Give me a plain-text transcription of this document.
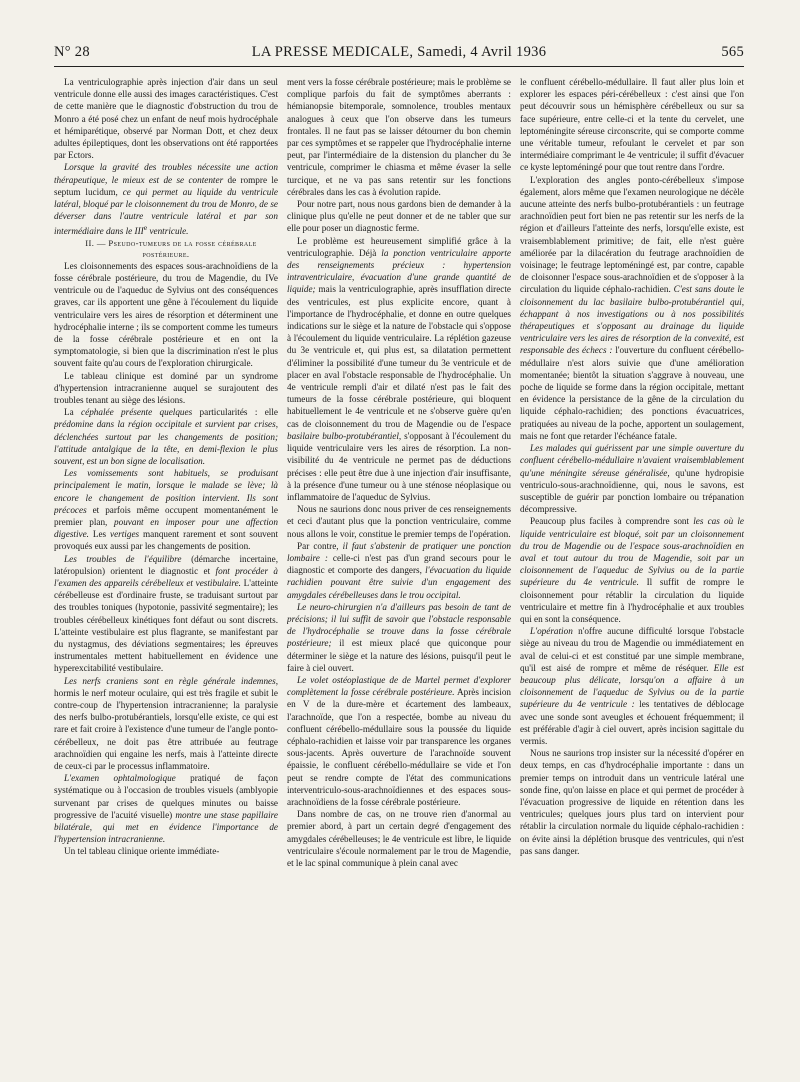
N° 28	LA PRESSE MEDICALE, Samedi, 4 Avril 1936	565

La ventriculographie après injection d'air dans un seul ventricule donne elle aussi des images caractéristiques. C'est de cette manière que le diagnostic d'obstruction du trou de Monro a été posé chez un enfant de neuf mois hydrocéphale et hémiparétique, observé par Norman Dott, et chez deux adultes épileptiques, dont les observations ont été rapportées par Ectors.

Lorsque la gravité des troubles nécessite une action thérapeutique, le mieux est de se contenter de rompre le septum lucidum, ce qui permet au liquide du ventricule latéral, bloqué par le cloisonnement du trou de Monro, de se déverser dans l'autre ventricule latéral et par son intermédiaire dans le IIIe ventricule.

II. — Pseudo-tumeurs de la fosse cérébrale postérieure.

Les cloisonnements des espaces sous-arachnoïdiens de la fosse cérébrale postérieure, du trou de Magendie, du IVe ventricule ou de l'aqueduc de Sylvius ont des conséquences graves, car ils apportent une gêne à l'écoulement du liquide ventriculaire vers les aires de résorption et déterminent une hydrocéphalie interne ; ils se comportent comme les tumeurs de la fosse cérébrale postérieure et en ont la symptomatologie, si bien que la discrimination n'est le plus souvent faite qu'au cours de l'exploration chirurgicale.

Le tableau clinique est dominé par un syndrome d'hypertension intracranienne auquel se surajoutent des troubles tenant au siège des lésions.

La céphalée présente quelques particularités : elle prédomine dans la région occipitale et survient par crises, déclenchées surtout par les changements de position; l'attitude antalgique de la tête, en demi-flexion le plus souvent, est un bon signe de localisation.

Les vomissements sont habituels, se produisant principalement le matin, lorsque le malade se lève; là encore le changement de position intervient. Ils sont précoces et parfois même occupent momentanément le premier plan, pouvant en imposer pour une affection digestive. Les vertiges manquent rarement et sont souvent provoqués eux aussi par les changements de position.

Les troubles de l'équilibre (démarche incertaine, latéropulsion) orientent le diagnostic et font procéder à l'examen des appareils cérébelleux et vestibulaire. L'atteinte cérébelleuse est d'ordinaire fruste, se traduisant surtout par des troubles toniques (hypotonie, passivité segmentaire); les troubles cérébelleux kinétiques font défaut ou sont discrets. L'atteinte vestibulaire est plus flagrante, se manifestant par du nystagmus, des déviations segmentaires; les épreuves instrumentales mettent habituellement en évidence une hyperexcitabilité vestibulaire.

Les nerfs craniens sont en règle générale indemnes, hormis le nerf moteur oculaire, qui est très fragile et subit le contre-coup de l'hypertension intracranienne; la paralysie des nerfs bulbo-protubérantiels, lorsqu'elle existe, ce qui est rare et fait croire à l'existence d'une tumeur de l'angle ponto-cérébelleux, ne doit pas être attribuée au feutrage arachnoïdien qui engaine les nerfs, mais à l'atteinte directe de ceux-ci par le processus inflammatoire.

L'examen ophtalmologique pratiqué de façon systématique ou à l'occasion de troubles visuels (amblyopie survenant par crises de quelques minutes ou baisse progressive de l'acuité visuelle) montre une stase papillaire bilatérale, qui met en évidence l'importance de l'hypertension intracranienne.

Un tel tableau clinique oriente immédiate-

ment vers la fosse cérébrale postérieure; mais le problème se complique parfois du fait de symptômes aberrants : hémianopsie bitemporale, somnolence, troubles mentaux analogues à ceux que l'on observe dans les tumeurs frontales. Il ne faut pas se laisser détourner du bon chemin par ces symptômes et se rappeler que l'hydrocéphalie interne peut, par l'intermédiaire de la distension du plancher du 3e ventricule, comprimer le chiasma et même évaser la selle turcique, et ne va pas sans retentir sur les fonctions cérébrales dans les cas à évolution rapide.

Pour notre part, nous nous gardons bien de demander à la clinique plus qu'elle ne peut donner et de ne tabler que sur elle pour poser un diagnostic ferme.

Le problème est heureusement simplifié grâce à la ventriculographie. Déjà la ponction ventriculaire apporte des renseignements précieux : hypertension intraventriculaire, évacuation d'une grande quantité de liquide; mais la ventriculographie, après insufflation directe des ventricules, est plus explicite encore, quant à l'importance de l'hydrocéphalie, et donne en outre quelques indications sur le siège et la nature de l'obstacle qui s'oppose à l'écoulement du liquide ventriculaire. La réplétion gazeuse du 3e ventricule et, qui plus est, sa dilatation permettent d'éliminer la possibilité d'une tumeur du 3e ventricule et de placer en aval l'obstacle responsable de l'hydrocéphalie. Un 4e ventricule rempli d'air et dilaté n'est pas le fait des tumeurs de la fosse cérébrale postérieure, qui bloquent habituellement le 4e ventricule et ne s'observe guère qu'en cas de cloisonnement du trou de Magendie ou de l'espace basilaire bulbo-protubérantiel, s'opposant à l'écoulement du liquide ventriculaire vers les aires de résorption. La non-visibilité du 4e ventricule ne permet pas de déductions précises : elle peut être due à une injection d'air insuffisante, à la présence d'une tumeur ou à une sténose néoplasique ou inflammatoire de l'aqueduc de Sylvius.

Nous ne saurions donc nous priver de ces renseignements et ceci d'autant plus que la ponction ventriculaire, comme nous allons le voir, constitue le premier temps de l'opération.

Par contre, il faut s'abstenir de pratiquer une ponction lombaire : celle-ci n'est pas d'un grand secours pour le diagnostic et comporte des dangers, l'évacuation du liquide rachidien pouvant être suivie d'un engagement des amygdales cérébelleuses dans le trou occipital.

Le neuro-chirurgien n'a d'ailleurs pas besoin de tant de précisions; il lui suffit de savoir que l'obstacle responsable de l'hydrocéphalie se trouve dans la fosse cérébrale postérieure; il est mieux placé que quiconque pour déterminer le siège et la nature des lésions, puisqu'il peut le faire à ciel ouvert.

Le volet ostéoplastique de de Martel permet d'explorer complètement la fosse cérébrale postérieure. Après incision en V de la dure-mère et écartement des lambeaux, l'arachnoïde, que l'on a respectée, bombe au niveau du confluent cérébello-médullaire sous la poussée du liquide céphalo-rachidien et laisse voir par transparence les organes sous-jacents. Après ouverture de l'arachnoïde souvent épaissie, le confluent cérébello-médullaire se vide et l'on peut se rendre compte de l'état des communications interventriculo-sous-arachnoïdiennes et des espaces sous-arachnoïdiens de la fosse cérébrale postérieure.

Dans nombre de cas, on ne trouve rien d'anormal au premier abord, à part un certain degré d'engagement des amygdales cérébelleuses; le 4e ventricule est libre, le liquide ventriculaire s'écoule normalement par le trou de Magendie, et le lac spinal communique à plein canal avec

le confluent cérébello-médullaire. Il faut aller plus loin et explorer les espaces péri-cérébelleux : c'est ainsi que l'on peut découvrir sous un hémisphère cérébelleux ou sur sa face supérieure, entre celle-ci et la tente du cervelet, une leptoméningite séreuse circonscrite, qui se comporte comme une véritable tumeur, refoulant le cervelet et par son intermédiaire comprimant le 4e ventricule; il suffit d'évacuer ce kyste leptoméningé pour que tout rentre dans l'ordre.

L'exploration des angles ponto-cérébelleux s'impose également, alors même que l'examen neurologique ne décèle aucune atteinte des nerfs bulbo-protubérantiels : un feutrage arachnoïdien peut fort bien ne pas retentir sur les nerfs de la région et d'ailleurs l'atteinte des nerfs, lorsqu'elle existe, est vraisemblablement primitive; de fait, elle n'est guère améliorée par la dilacération du feutrage arachnoïdien de voisinage; le feutrage leptoméningé est, par contre, capable de cloisonner l'espace sous-arachnoïdien et de s'opposer à la circulation du liquide céphalo-rachidien. C'est sans doute le cloisonnement du lac basilaire bulbo-protubérantiel qui, échappant à nos investigations ou à nos possibilités thérapeutiques et s'opposant au drainage du liquide ventriculaire vers les aires de résorption de la convexité, est responsable des échecs : l'ouverture du confluent cérébello-médullaire n'est alors suivie que d'une amélioration momentanée; bientôt la situation s'aggrave à nouveau, une poche de liquide se forme dans la région occipitale, mettant en évidence la persistance de la gêne de la circulation du liquide céphalo-rachidien; des ponctions évacuatrices, pratiquées au niveau de la poche, apportent un soulagement, mais ne font que retarder l'échéance fatale.

Les malades qui guérissent par une simple ouverture du confluent cérébello-médullaire n'avaient vraisemblablement qu'une méningite séreuse généralisée, qu'une hydropisie ventriculo-sous-arachnoïdienne, qui, nous le savons, est susceptible de guérir par ponction lombaire ou trépanation décompressive.

Peaucoup plus faciles à comprendre sont les cas où le liquide ventriculaire est bloqué, soit par un cloisonnement du trou de Magendie ou de l'espace sous-arachnoïdien en aval et tout autour du trou de Magendie, soit par un cloisonnement de l'aqueduc de Sylvius ou de la partie supérieure du 4e ventricule. Il suffit de rompre le cloisonnement pour rétablir la circulation du liquide ventriculaire et mettre fin à l'hydrocéphalie et aux troubles qui en sont la conséquence.

L'opération n'offre aucune difficulté lorsque l'obstacle siège au niveau du trou de Magendie ou immédiatement en aval de celui-ci et est constitué par une simple membrane, qu'il est aisé de rompre et même de réséquer. Elle est beaucoup plus délicate, lorsqu'on a affaire à un cloisonnement de l'aqueduc de Sylvius ou de la partie supérieure du 4e ventricule : les tentatives de déblocage avec une sonde sont aveugles et échouent fréquemment; il est préférable d'agir à ciel ouvert, après incision sagittale du vermis.

Nous ne saurions trop insister sur la nécessité d'opérer en deux temps, en cas d'hydrocéphalie importante : dans un premier temps on introduit dans un ventricule latéral une sonde fine, qu'on laisse en place et qui permet de procéder à l'évacuation progressive de liquide en rétention dans les ventricules; quelques jours plus tard on intervient pour rétablir la circulation normale du liquide céphalo-rachidien : on évite ainsi la déplétion brusque des ventricules, qui n'est pas sans danger.
